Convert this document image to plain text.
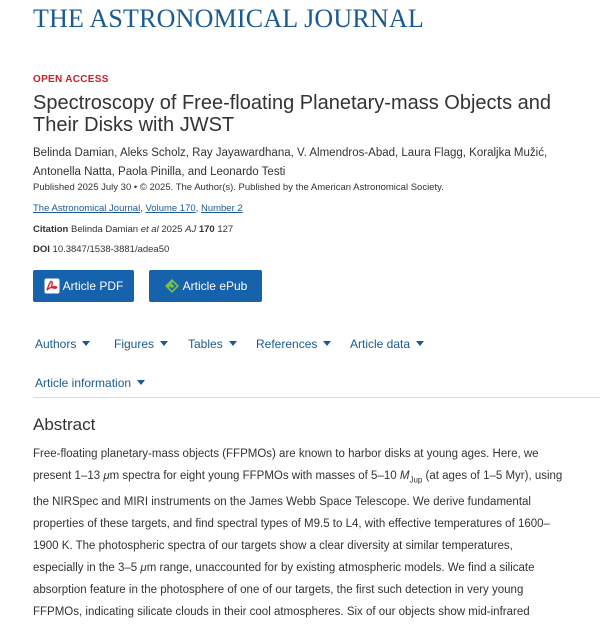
THE ASTRONOMICAL JOURNAL
OPEN ACCESS
Spectroscopy of Free-floating Planetary-mass Objects and Their Disks with JWST
Belinda Damian, Aleks Scholz, Ray Jayawardhana, V. Almendros-Abad, Laura Flagg, Koraljka Mužić,
Antonella Natta, Paola Pinilla, and Leonardo Testi
Published 2025 July 30 • © 2025. The Author(s). Published by the American Astronomical Society.
The Astronomical Journal, Volume 170, Number 2
Citation Belinda Damian et al 2025 AJ 170 127
DOI 10.3847/1538-3881/adea50
Article PDF	Article ePub
Authors	Figures	Tables	References	Article data
Article information
Abstract
Free-floating planetary-mass objects (FFPMOs) are known to harbor disks at young ages. Here, we
present 1–13 μm spectra for eight young FFPMOs with masses of 5–10 $M_{Jup}$ (at ages of 1–5 Myr), using
the NIRSpec and MIRI instruments on the James Webb Space Telescope. We derive fundamental
properties of these targets, and find spectral types of M9.5 to L4, with effective temperatures of 1600–
1900 K. The photospheric spectra of our targets show a clear diversity at similar temperatures,
especially in the 3–5 μm range, unaccounted for by existing atmospheric models. We find a silicate
absorption feature in the photosphere of one of our targets, the first such detection in very young
FFPMOs, indicating silicate clouds in their cool atmospheres. Six of our objects show mid-infrared
